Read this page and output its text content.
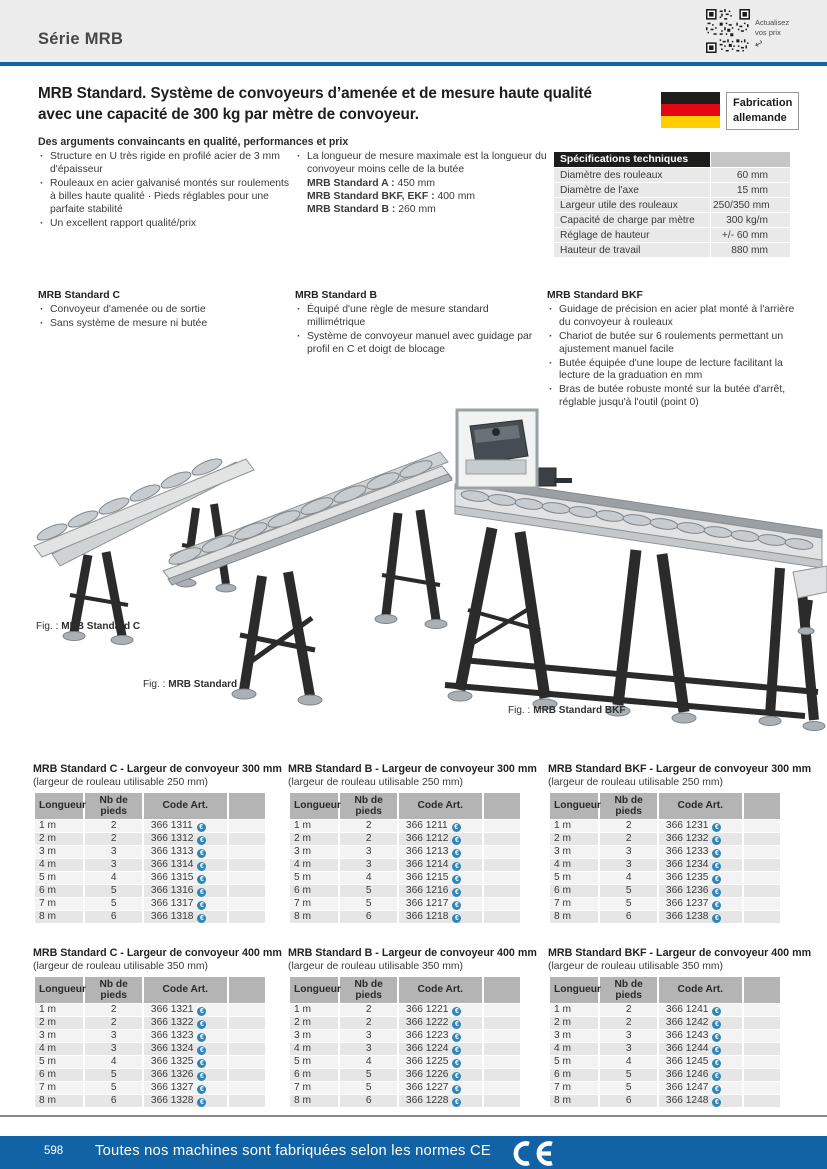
Série MRB
Actualisez
vos prix
↩
MRB Standard. Système de convoyeurs d’amenée et de mesure haute qualité
avec une capacité de 300 kg par mètre de convoyeur.
Fabrication
allemande
Des arguments convaincants en qualité, performances et prix
· Structure en U très rigide en profilé acier de 3 mm d'épaisseur
· Rouleaux en acier galvanisé montés sur roulements à billes haute qualité · Pieds réglables pour une parfaite stabilité
· Un excellent rapport qualité/prix
· La longueur de mesure maximale est la longueur du convoyeur moins celle de la butée
MRB Standard A : 450 mm
MRB Standard BKF, EKF : 400 mm
MRB Standard B : 260 mm
Spécifications techniques	
Diamètre des rouleaux	60 mm
Diamètre de l'axe	15 mm
Largeur utile des rouleaux	250/350 mm
Capacité de charge par mètre	300 kg/m
Réglage de hauteur	+/- 60 mm
Hauteur de travail	880 mm
MRB Standard C
· Convoyeur d'amenée ou de sortie
· Sans système de mesure ni butée
MRB Standard B
· Équipé d'une règle de mesure standard millimétrique
· Système de convoyeur manuel avec guidage par profil en C et doigt de blocage
MRB Standard BKF
· Guidage de précision en acier plat monté à l'arrière du convoyeur à rouleaux
· Chariot de butée sur 6 roulements permettant un ajustement manuel facile
· Butée équipée d'une loupe de lecture facilitant la lecture de la graduation en mm
· Bras de butée robuste monté sur la butée d'arrêt, réglable jusqu'à l'outil (point 0)
Fig. : MRB Standard C
Fig. : MRB Standard B
Fig. : MRB Standard BKF
MRB Standard C - Largeur de convoyeur 300 mm
(largeur de rouleau utilisable 250 mm)
Longueur	Nb de pieds	Code Art.	
1 m	2	366 1311 €	
2 m	2	366 1312 €	
3 m	3	366 1313 €	
4 m	3	366 1314 €	
5 m	4	366 1315 €	
6 m	5	366 1316 €	
7 m	5	366 1317 €	
8 m	6	366 1318 €	
MRB Standard B - Largeur de convoyeur 300 mm
(largeur de rouleau utilisable 250 mm)
Longueur	Nb de pieds	Code Art.	
1 m	2	366 1211 €	
2 m	2	366 1212 €	
3 m	3	366 1213 €	
4 m	3	366 1214 €	
5 m	4	366 1215 €	
6 m	5	366 1216 €	
7 m	5	366 1217 €	
8 m	6	366 1218 €	
MRB Standard BKF - Largeur de convoyeur 300 mm
(largeur de rouleau utilisable 250 mm)
Longueur	Nb de pieds	Code Art.	
1 m	2	366 1231 €	
2 m	2	366 1232 €	
3 m	3	366 1233 €	
4 m	3	366 1234 €	
5 m	4	366 1235 €	
6 m	5	366 1236 €	
7 m	5	366 1237 €	
8 m	6	366 1238 €	
MRB Standard C - Largeur de convoyeur 400 mm
(largeur de rouleau utilisable 350 mm)
Longueur	Nb de pieds	Code Art.	
1 m	2	366 1321 €	
2 m	2	366 1322 €	
3 m	3	366 1323 €	
4 m	3	366 1324 €	
5 m	4	366 1325 €	
6 m	5	366 1326 €	
7 m	5	366 1327 €	
8 m	6	366 1328 €	
MRB Standard B - Largeur de convoyeur 400 mm
(largeur de rouleau utilisable 350 mm)
Longueur	Nb de pieds	Code Art.	
1 m	2	366 1221 €	
2 m	2	366 1222 €	
3 m	3	366 1223 €	
4 m	3	366 1224 €	
5 m	4	366 1225 €	
6 m	5	366 1226 €	
7 m	5	366 1227 €	
8 m	6	366 1228 €	
MRB Standard BKF - Largeur de convoyeur 400 mm
(largeur de rouleau utilisable 350 mm)
Longueur	Nb de pieds	Code Art.	
1 m	2	366 1241 €	
2 m	2	366 1242 €	
3 m	3	366 1243 €	
4 m	3	366 1244 €	
5 m	4	366 1245 €	
6 m	5	366 1246 €	
7 m	5	366 1247 €	
8 m	6	366 1248 €	
598 Toutes nos machines sont fabriquées selon les normes CE
